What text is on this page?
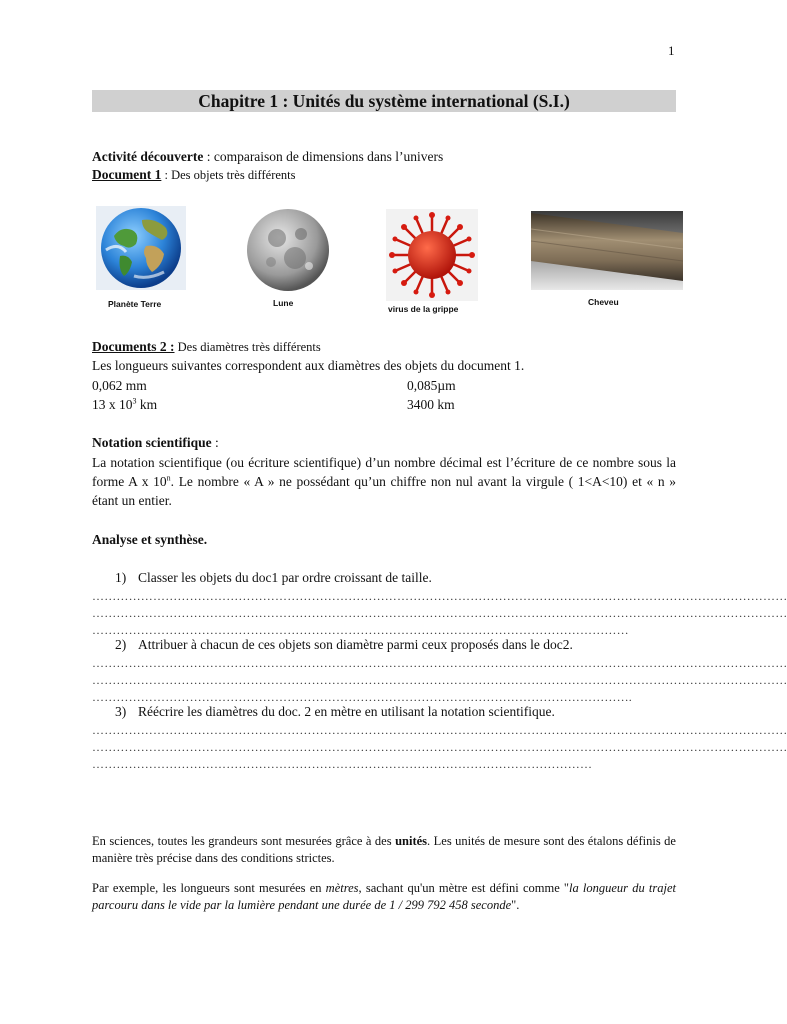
1
Chapitre 1 : Unités du système international (S.I.)
Activité découverte : comparaison de dimensions dans l’univers
Document 1 : Des objets très différents
Planète Terre	Lune
virus de la grippe
Cheveu
Documents 2 : Des diamètres très différents
Les longueurs suivantes correspondent aux diamètres des objets du document 1.
0,062 mm	0,085µm
13 x $10^3$ km	3400 km
Notation scientifique :
La notation scientifique (ou écriture scientifique) d’un nombre décimal est l’écriture de ce nombre sous la forme A x 10$^n$. Le nombre « A » ne possédant qu’un chiffre non nul avant la virgule ( 1<A<10) et « n » étant un entier.
Analyse et synthèse.
1) Classer les objets du doc1 par ordre croissant de taille.
………………………………………………………………………………………………………………………………………………………
………………………………………………………………………………………………………………………………………………………
……………………………………………………………………………………………………………………
2) Attribuer à chacun de ces objets son diamètre parmi ceux proposés dans le doc2.
………………………………………………………………………………………………………………………………………………………
………………………………………………………………………………………………………………………………………………………
…………………………………………………………………………………………………………………….
3) Réécrire les diamètres du doc. 2 en mètre en utilisant la notation scientifique.
………………………………………………………………………………………………………………………………………………………
………………………………………………………………………………………………………………………………………………………
……………………………………………………………………………………………………………
En sciences, toutes les grandeurs sont mesurées grâce à des unités. Les unités de mesure sont des étalons définis de manière très précise dans des conditions strictes.
Par exemple, les longueurs sont mesurées en mètres, sachant qu'un mètre est défini comme "la longueur du trajet parcouru dans le vide par la lumière pendant une durée de 1 / 299 792 458 seconde".
